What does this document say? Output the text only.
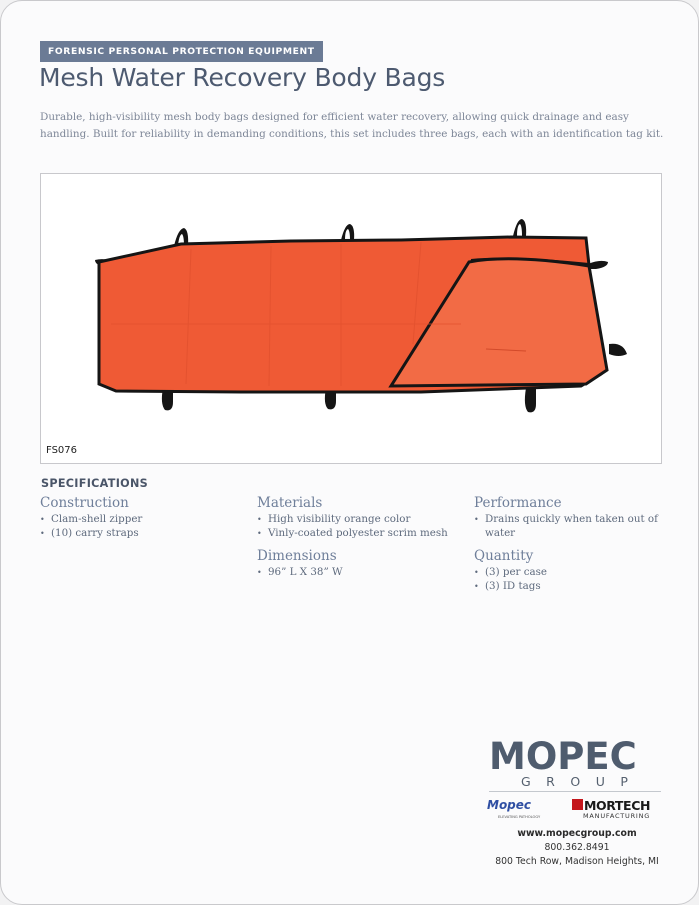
FORENSIC PERSONAL PROTECTION EQUIPMENT
Mesh Water Recovery Body Bags
Durable, high-visibility mesh body bags designed for efficient water recovery, allowing quick drainage and easy handling. Built for reliability in demanding conditions, this set includes three bags, each with an identification tag kit.
FS076
SPECIFICATIONS
Construction
• Clam-shell zipper
• (10) carry straps
Materials
• High visibility orange color
• Vinly-coated polyester scrim mesh
Performance
• Drains quickly when taken out of water
Dimensions
• 96” L X 38” W
Quantity
• (3) per case
• (3) ID tags
MOPEC
GROUP
Mopec
ELEVATING PATHOLOGY
MORTECH
MANUFACTURING
www.mopecgroup.com
800.362.8491
800 Tech Row, Madison Heights, MI
